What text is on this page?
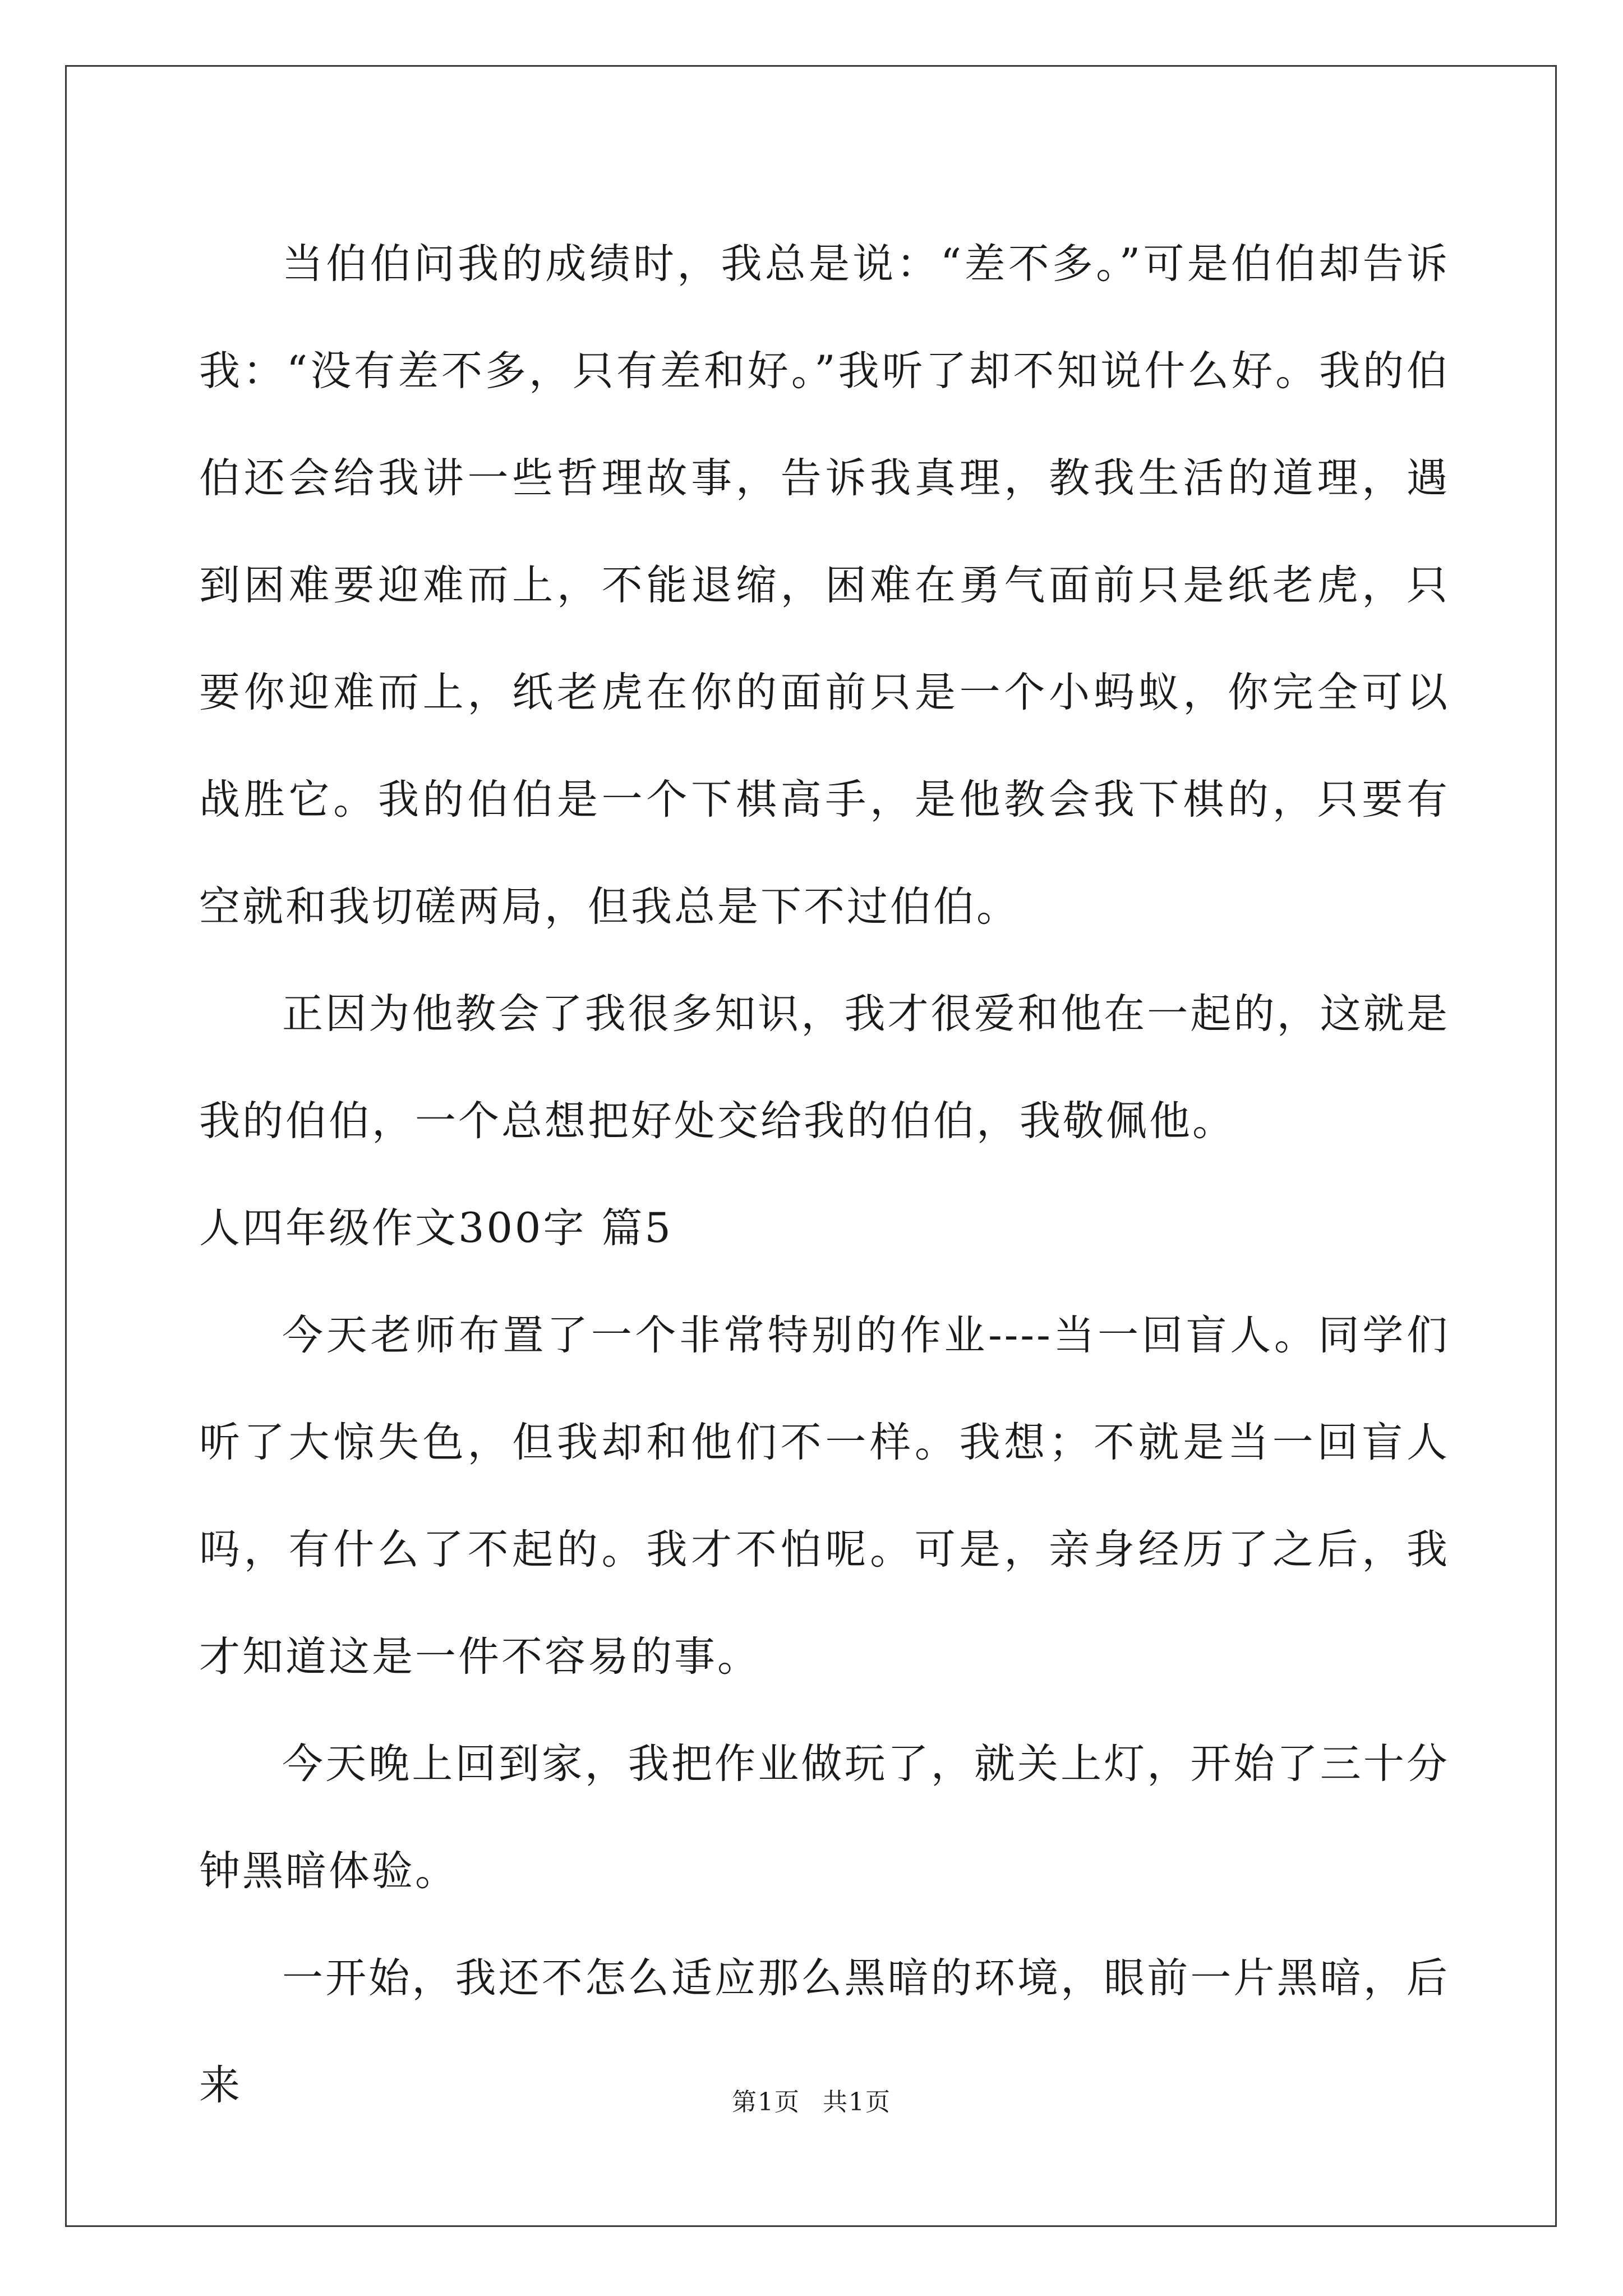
当伯伯问我的成绩时，我总是说：“差不多。”可是伯伯却告诉我：“没有差不多，只有差和好。”我听了却不知说什么好。我的伯伯还会给我讲一些哲理故事，告诉我真理，教我生活的道理，遇到困难要迎难而上，不能退缩，困难在勇气面前只是纸老虎，只要你迎难而上，纸老虎在你的面前只是一个小蚂蚁，你完全可以战胜它。我的伯伯是一个下棋高手，是他教会我下棋的，只要有空就和我切磋两局，但我总是下不过伯伯。

正因为他教会了我很多知识，我才很爱和他在一起的，这就是我的伯伯，一个总想把好处交给我的伯伯，我敬佩他。

人四年级作文300字 篇5

今天老师布置了一个非常特别的作业----当一回盲人。同学们听了大惊失色，但我却和他们不一样。我想；不就是当一回盲人吗，有什么了不起的。我才不怕呢。可是，亲身经历了之后，我才知道这是一件不容易的事。

今天晚上回到家，我把作业做玩了，就关上灯，开始了三十分钟黑暗体验。

一开始，我还不怎么适应那么黑暗的环境，眼前一片黑暗，后来	第1页 共1页
